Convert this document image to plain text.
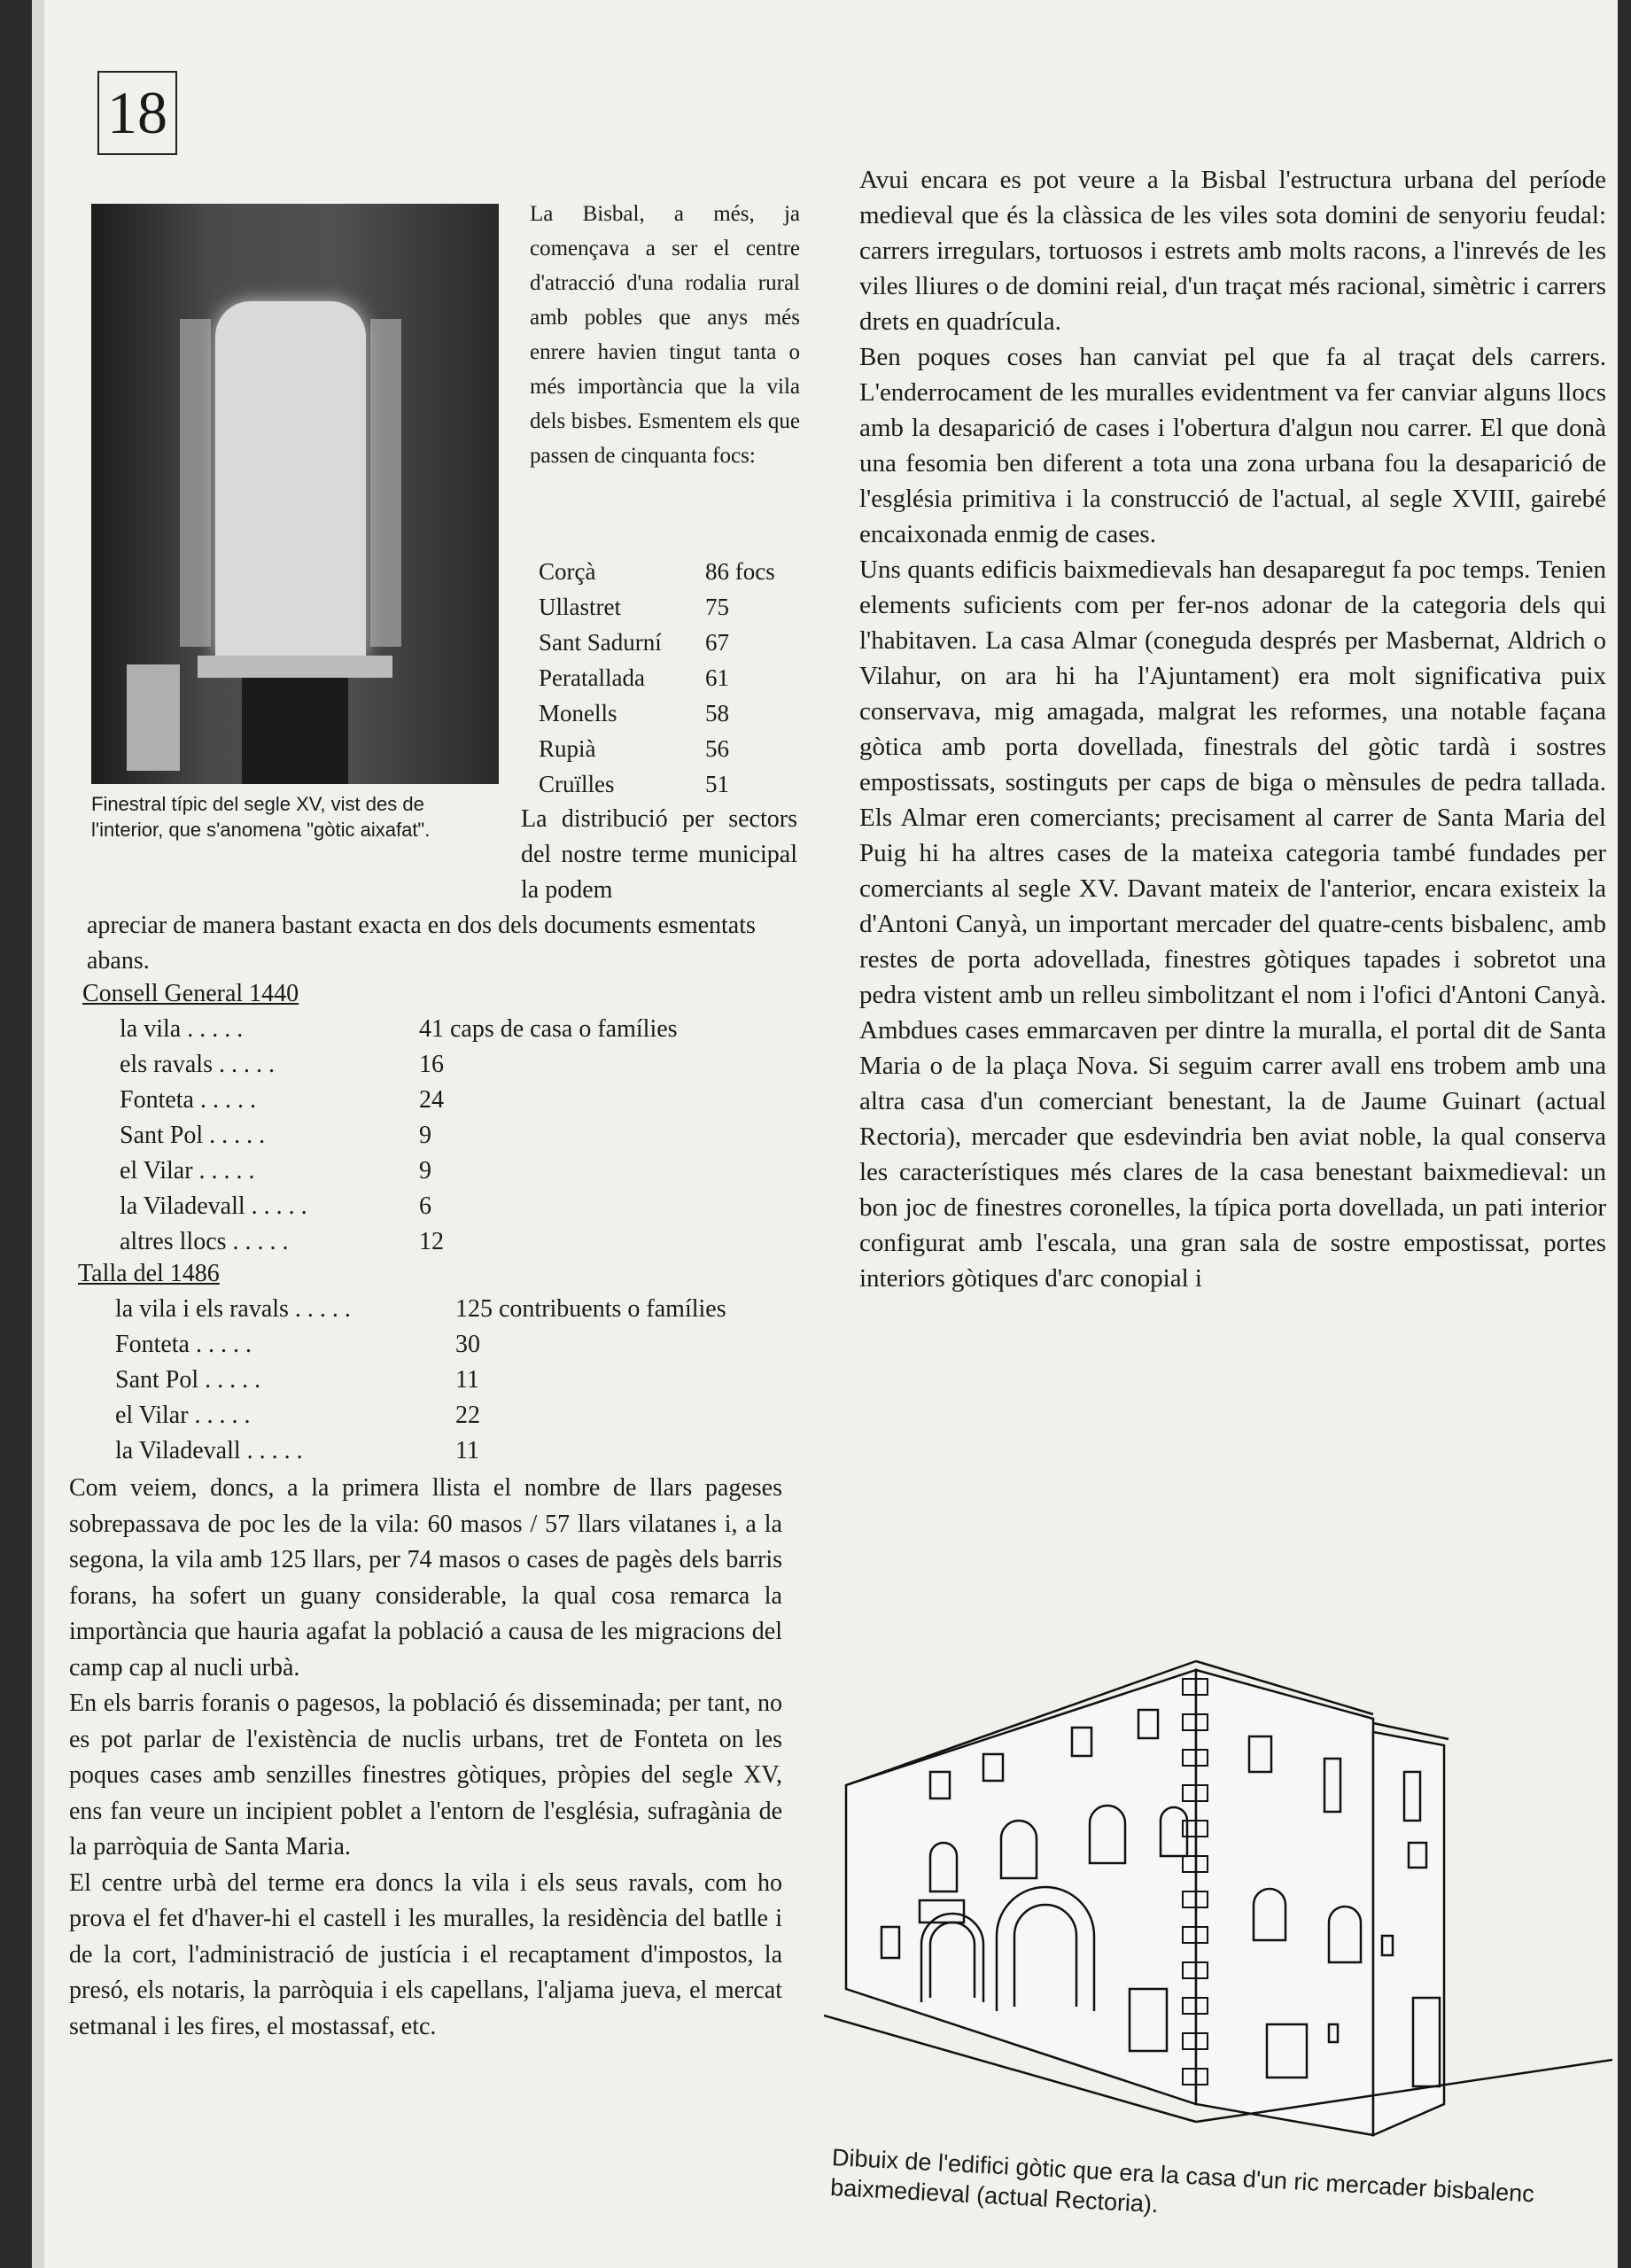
18
Finestral típic del segle XV, vist des de l'interior, que s'anomena "gòtic aixafat".
La Bisbal, a més, ja començava a ser el centre d'atracció d'una rodalia rural amb pobles que anys més enrere havien tingut tanta o més importància que la vila dels bisbes. Esmentem els que passen de cinquanta focs:
Corçà	86 focs
Ullastret	75
Sant Sadurní	67
Peratallada	61
Monells	58
Rupià	56
Cruïlles	51
La distribució per sectors del nostre terme municipal la podem
apreciar de manera bastant exacta en dos dels documents esmentats abans.
Consell General 1440
la vila . . . . .	41 caps de casa o famílies
els ravals . . . . .	16
Fonteta . . . . .	24
Sant Pol . . . . .	9
el Vilar . . . . .	9
la Viladevall . . . . .	6
altres llocs . . . . .	12
Talla del 1486
la vila i els ravals . . . . .	125 contribuents o famílies
Fonteta . . . . .	30
Sant Pol . . . . .	11
el Vilar . . . . .	22
la Viladevall . . . . .	11

Com veiem, doncs, a la primera llista el nombre de llars pageses sobrepassava de poc les de la vila: 60 masos / 57 llars vilatanes i, a la segona, la vila amb 125 llars, per 74 masos o cases de pagès dels barris forans, ha sofert un guany considerable, la qual cosa remarca la importància que hauria agafat la població a causa de les migracions del camp cap al nucli urbà.

En els barris foranis o pagesos, la població és disseminada; per tant, no es pot parlar de l'existència de nuclis urbans, tret de Fonteta on les poques cases amb senzilles finestres gòtiques, pròpies del segle XV, ens fan veure un incipient poblet a l'entorn de l'església, sufragània de la parròquia de Santa Maria.

El centre urbà del terme era doncs la vila i els seus ravals, com ho prova el fet d'haver-hi el castell i les muralles, la residència del batlle i de la cort, l'administració de justícia i el recaptament d'impostos, la presó, els notaris, la parròquia i els capellans, l'aljama jueva, el mercat setmanal i les fires, el mostassaf, etc.

Avui encara es pot veure a la Bisbal l'estructura urbana del període medieval que és la clàssica de les viles sota domini de senyoriu feudal: carrers irregulars, tortuosos i estrets amb molts racons, a l'inrevés de les viles lliures o de domini reial, d'un traçat més racional, simètric i carrers drets en quadrícula.

Ben poques coses han canviat pel que fa al traçat dels carrers. L'enderrocament de les muralles evidentment va fer canviar alguns llocs amb la desaparició de cases i l'obertura d'algun nou carrer. El que donà una fesomia ben diferent a tota una zona urbana fou la desaparició de l'església primitiva i la construcció de l'actual, al segle XVIII, gairebé encaixonada enmig de cases.

Uns quants edificis baixmedievals han desaparegut fa poc temps. Tenien elements suficients com per fer-nos adonar de la categoria dels qui l'habitaven. La casa Almar (coneguda després per Masbernat, Aldrich o Vilahur, on ara hi ha l'Ajuntament) era molt significativa puix conservava, mig amagada, malgrat les reformes, una notable façana gòtica amb porta dovellada, finestrals del gòtic tardà i sostres empostissats, sostinguts per caps de biga o mènsules de pedra tallada. Els Almar eren comerciants; precisament al carrer de Santa Maria del Puig hi ha altres cases de la mateixa categoria també fundades per comerciants al segle XV. Davant mateix de l'anterior, encara existeix la d'Antoni Canyà, un important mercader del quatre-cents bisbalenc, amb restes de porta adovellada, finestres gòtiques tapades i sobretot una pedra vistent amb un relleu simbolitzant el nom i l'ofici d'Antoni Canyà. Ambdues cases emmarcaven per dintre la muralla, el portal dit de Santa Maria o de la plaça Nova. Si seguim carrer avall ens trobem amb una altra casa d'un comerciant benestant, la de Jaume Guinart (actual Rectoria), mercader que esdevindria ben aviat noble, la qual conserva les característiques més clares de la casa benestant baixmedieval: un bon joc de finestres coronelles, la típica porta dovellada, un pati interior configurat amb l'escala, una gran sala de sostre empostissat, portes interiors gòtiques d'arc conopial i

Dibuix de l'edifici gòtic que era la casa d'un ric mercader bisbalenc baixmedieval (actual Rectoria).
